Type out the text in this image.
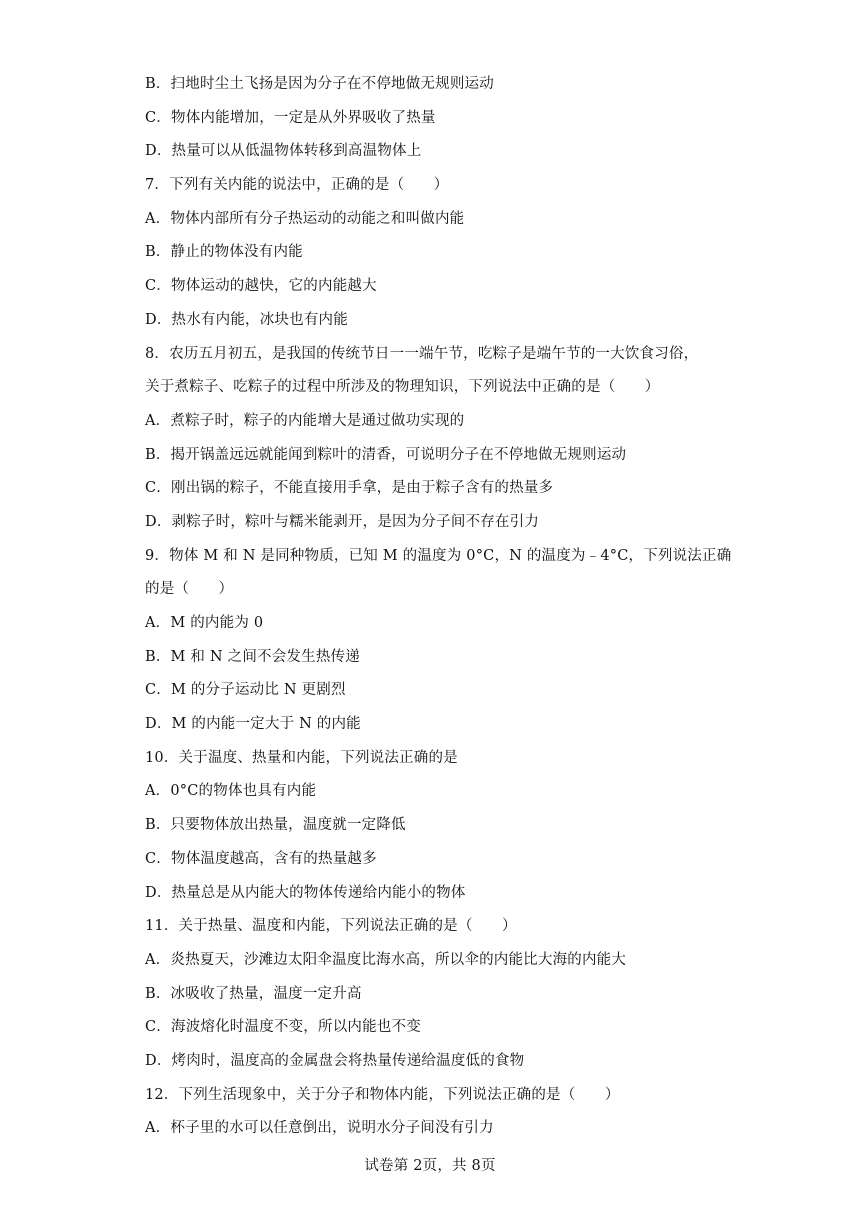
B．扫地时尘土飞扬是因为分子在不停地做无规则运动
C．物体内能增加，一定是从外界吸收了热量
D．热量可以从低温物体转移到高温物体上
7．下列有关内能的说法中，正确的是（　　）
A．物体内部所有分子热运动的动能之和叫做内能
B．静止的物体没有内能
C．物体运动的越快，它的内能越大
D．热水有内能，冰块也有内能
8．农历五月初五，是我国的传统节日一一端午节，吃粽子是端午节的一大饮食习俗，
关于煮粽子、吃粽子的过程中所涉及的物理知识，下列说法中正确的是（　　）
A．煮粽子时，粽子的内能增大是通过做功实现的
B．揭开锅盖远远就能闻到粽叶的清香，可说明分子在不停地做无规则运动
C．刚出锅的粽子，不能直接用手拿，是由于粽子含有的热量多
D．剥粽子时，粽叶与糯米能剥开，是因为分子间不存在引力
9．物体 M 和 N 是同种物质，已知 M 的温度为 0°C，N 的温度为﹣4°C，下列说法正确
的是（　　）
A．M 的内能为 0
B．M 和 N 之间不会发生热传递
C．M 的分子运动比 N 更剧烈
D．M 的内能一定大于 N 的内能
10．关于温度、热量和内能，下列说法正确的是
A．0°C的物体也具有内能
B．只要物体放出热量，温度就一定降低
C．物体温度越高，含有的热量越多
D．热量总是从内能大的物体传递给内能小的物体
11．关于热量、温度和内能，下列说法正确的是（　　）
A．炎热夏天，沙滩边太阳伞温度比海水高，所以伞的内能比大海的内能大
B．冰吸收了热量，温度一定升高
C．海波熔化时温度不变，所以内能也不变
D．烤肉时，温度高的金属盘会将热量传递给温度低的食物
12．下列生活现象中，关于分子和物体内能，下列说法正确的是（　　）
A．杯子里的水可以任意倒出，说明水分子间没有引力
试卷第 2页，共 8页
